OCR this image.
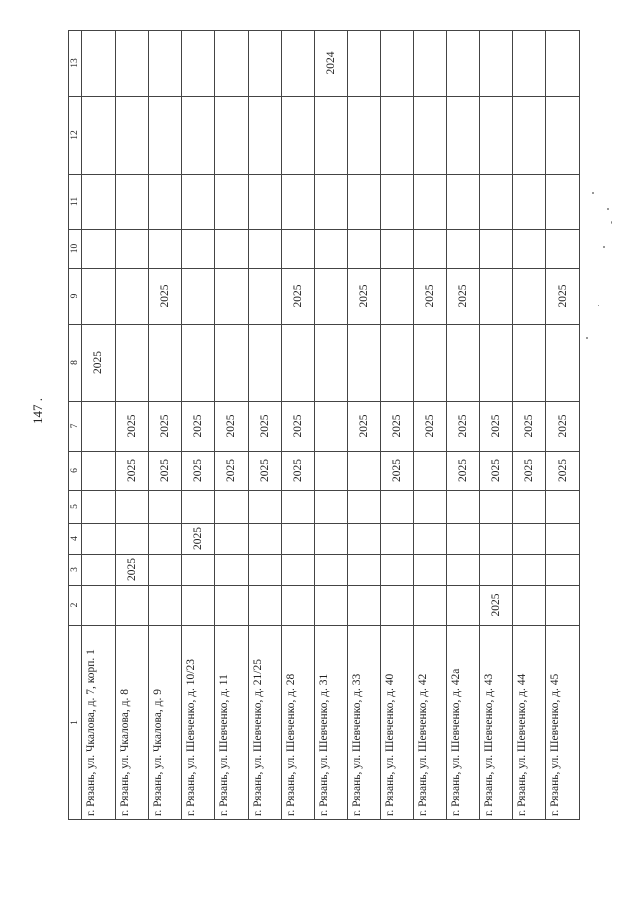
147 .
1
2
3
4
5
6
7
8
9
10
11
12
13
г. Рязань, ул. Чкалова, д. 7, корп. 1
2025
г. Рязань, ул. Чкалова, д. 8
2025
2025
2025
г. Рязань, ул. Чкалова, д. 9
2025
2025
2025
г. Рязань, ул. Шевченко, д. 10/23
2025
2025
2025
г. Рязань, ул. Шевченко, д. 11
2025
2025
г. Рязань, ул. Шевченко, д. 21/25
2025
2025
г. Рязань, ул. Шевченко, д. 28
2025
2025
2025
г. Рязань, ул. Шевченко, д. 31
2024
г. Рязань, ул. Шевченко, д. 33
2025
2025
г. Рязань, ул. Шевченко, д. 40
2025
2025
г. Рязань, ул. Шевченко, д. 42
2025
2025
г. Рязань, ул. Шевченко, д. 42а
2025
2025
2025
г. Рязань, ул. Шевченко, д. 43
2025
2025
2025
г. Рязань, ул. Шевченко, д. 44
2025
2025
г. Рязань, ул. Шевченко, д. 45
2025
2025
2025
